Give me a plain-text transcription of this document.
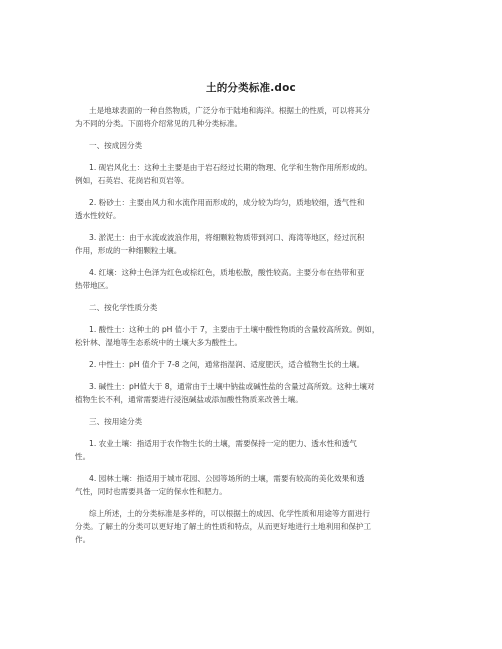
土的分类标准.doc
土是地球表面的一种自然物质，广泛分布于陆地和海洋。根据土的性质，可以将其分
为不同的分类。下面将介绍常见的几种分类标准。
一、按成因分类
1. 砚岩风化土：这种土主要是由于岩石经过长期的物理、化学和生物作用所形成的。
例如，石英岩、花岗岩和页岩等。
2. 粉砂土：主要由风力和水流作用而形成的，成分较为均匀，质地较细，透气性和
透水性较好。
3. 淤泥土：由于水流或波浪作用，将细颗粒物质带到河口、海湾等地区，经过沉积
作用，形成的一种细颗粒土壤。
4. 红壤：这种土色泽为红色或棕红色，质地松散，酸性较高。主要分布在热带和亚
热带地区。
二、按化学性质分类
1. 酸性土：这种土的 pH 值小于 7，主要由于土壤中酸性物质的含量较高所致。例如，
松针林、湿地等生态系统中的土壤大多为酸性土。
2. 中性土：pH 值介于 7-8 之间，通常指湿润、适度肥沃，适合植物生长的土壤。
3. 碱性土：pH值大于 8，通常由于土壤中钠盐或碱性盐的含量过高所致。这种土壤对
植物生长不利，通常需要进行浸泡碱盐或添加酸性物质来改善土壤。
三、按用途分类
1. 农业土壤：指适用于农作物生长的土壤，需要保持一定的肥力、透水性和透气
性。
4. 园林土壤：指适用于城市花园、公园等场所的土壤，需要有较高的美化效果和透
气性，同时也需要具备一定的保水性和肥力。
综上所述，土的分类标准是多样的，可以根据土的成因、化学性质和用途等方面进行
分类。了解土的分类可以更好地了解土的性质和特点，从而更好地进行土地利用和保护工
作。
